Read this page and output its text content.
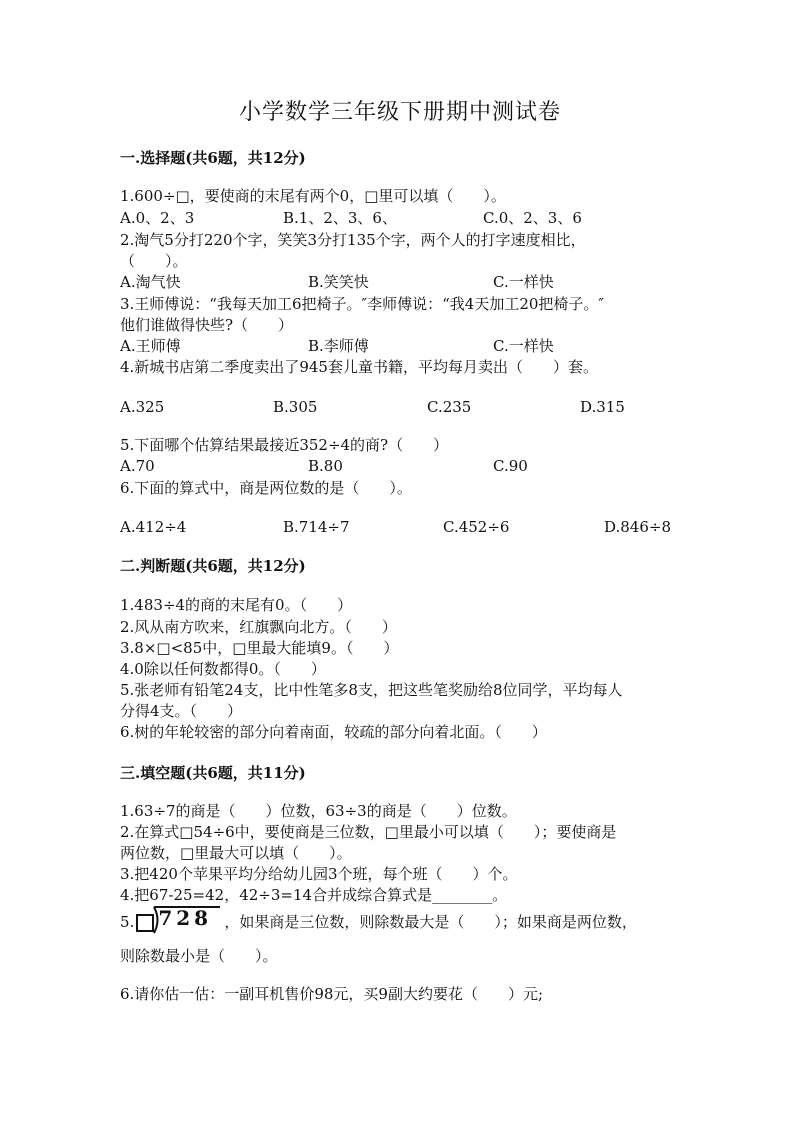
小学数学三年级下册期中测试卷
一.选择题(共6题，共12分)
1.600÷□，要使商的末尾有两个0，□里可以填（　　）。
A.0、2、3	B.1、2、3、6、	C.0、2、3、6
2.淘气5分打220个字，笑笑3分打135个字，两个人的打字速度相比，
（　　）。
A.淘气快	B.笑笑快	C.一样快
3.王师傅说：“我每天加工6把椅子。″李师傅说：“我4天加工20把椅子。″
他们谁做得快些?（　　）
A.王师傅	B.李师傅	C.一样快
4.新城书店第二季度卖出了945套儿童书籍，平均每月卖出（　　）套。
A.325	B.305	C.235	D.315
5.下面哪个估算结果最接近352÷4的商?（　　）
A.70	B.80	C.90
6.下面的算式中，商是两位数的是（　　）。
A.412÷4	B.714÷7	C.452÷6	D.846÷8
二.判断题(共6题，共12分)
1.483÷4的商的末尾有0。（　　）
2.风从南方吹来，红旗飘向北方。（　　）
3.8×□<85中，□里最大能填9。（　　）
4.0除以任何数都得0。（　　）
5.张老师有铅笔24支，比中性笔多8支，把这些笔奖励给8位同学，平均每人
分得4支。（　　）
6.树的年轮较密的部分向着南面，较疏的部分向着北面。（　　）
三.填空题(共6题，共11分)
1.63÷7的商是（　　）位数，63÷3的商是（　　）位数。
2.在算式□54÷6中，要使商是三位数，□里最小可以填（　　）；要使商是
两位数，□里最大可以填（　　）。
3.把420个苹果平均分给幼儿园3个班，每个班（　　）个。
4.把67-25=42，42÷3=14合并成综合算式是________。
5. 728 ，如果商是三位数，则除数最大是（　　）；如果商是两位数，
则除数最小是（　　）。
6.请你估一估：一副耳机售价98元，买9副大约要花（　　）元;
